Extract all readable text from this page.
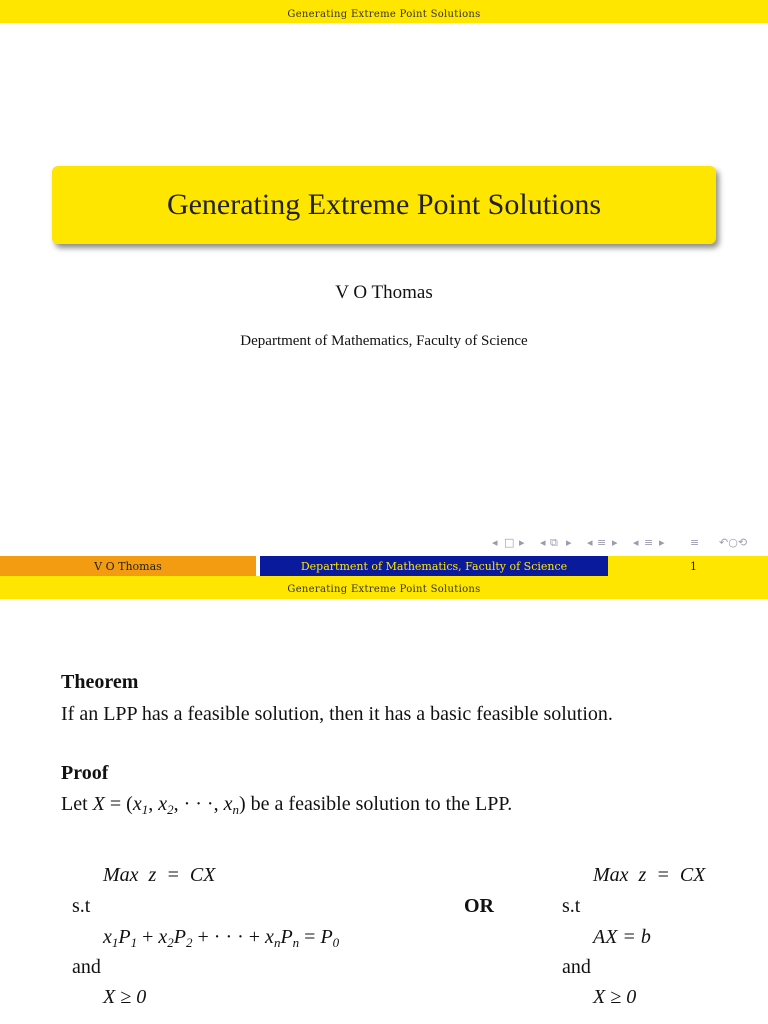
Generating Extreme Point Solutions
Generating Extreme Point Solutions
V O Thomas
Department of Mathematics, Faculty of Science
◂ □ ▸ ◂ ⧉ ▸ ◂ ≡ ▸ ◂ ≡ ▸ ≡ ↶○⟲
V O Thomas	Department of Mathematics, Faculty of Science	1
Generating Extreme Point Solutions
Theorem
If an LPP has a feasible solution, then it has a basic feasible solution.
Proof
Let $X = (x_1$, $x_2$, · · ·, $x_n$) be a feasible solution to the LPP.
Max  z  =  CX
s.t
$x_1P_1 + x_2P_2$ + · · · + $x_nP_n = P_0$
and
X ≥ 0
OR
Max  z  =  CX
s.t
AX = b
and
X ≥ 0
